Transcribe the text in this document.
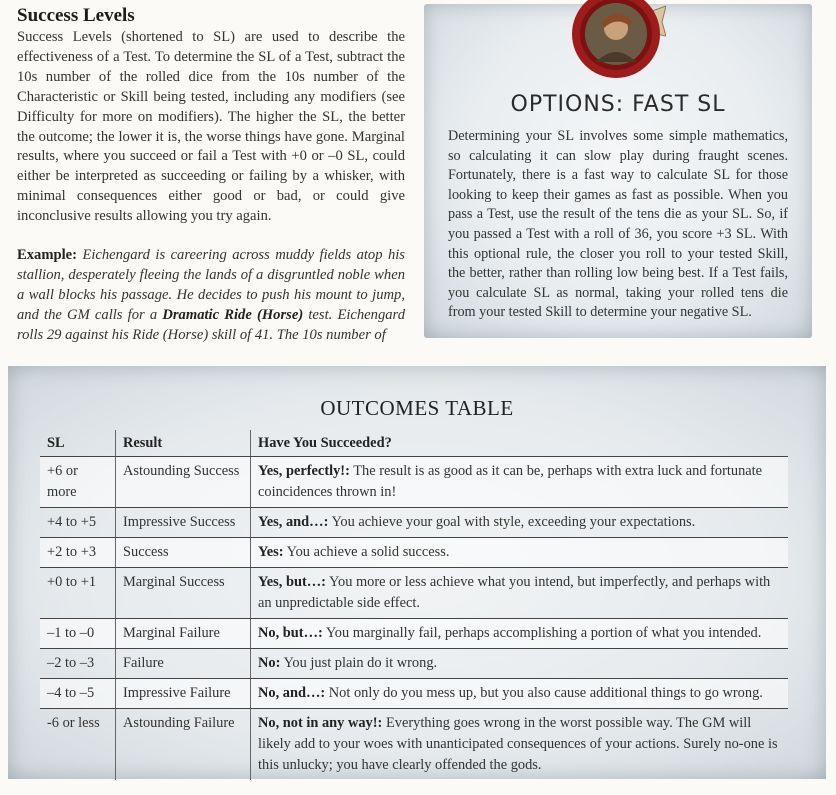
Success Levels

Success Levels (shortened to SL) are used to describe the effectiveness of a Test. To determine the SL of a Test, subtract the 10s number of the rolled dice from the 10s number of the Characteristic or Skill being tested, including any modifiers (see Difficulty for more on modifiers). The higher the SL, the better the outcome; the lower it is, the worse things have gone. Marginal results, where you succeed or fail a Test with +0 or –0 SL, could either be interpreted as succeeding or failing by a whisker, with minimal consequences either good or bad, or could give inconclusive results allowing you try again.

Example: Eichengard is careering across muddy fields atop his stallion, desperately fleeing the lands of a disgruntled noble when a wall blocks his passage. He decides to push his mount to jump, and the GM calls for a Dramatic Ride (Horse) test. Eichengard rolls 29 against his Ride (Horse) skill of 41. The 10s number of

OPTIONS: FAST SL

Determining your SL involves some simple mathematics, so calculating it can slow play during fraught scenes. Fortunately, there is a fast way to calculate SL for those looking to keep their games as fast as possible. When you pass a Test, use the result of the tens die as your SL. So, if you passed a Test with a roll of 36, you score +3 SL. With this optional rule, the closer you roll to your tested Skill, the better, rather than rolling low being best. If a Test fails, you calculate SL as normal, taking your rolled tens die from your tested Skill to determine your negative SL.

OUTCOMES TABLE
SL	Result	Have You Succeeded?
+6 or more	Astounding Success	Yes, perfectly!: The result is as good as it can be, perhaps with extra luck and fortunate coincidences thrown in!
+4 to +5	Impressive Success	Yes, and…: You achieve your goal with style, exceeding your expectations.
+2 to +3	Success	Yes: You achieve a solid success.
+0 to +1	Marginal Success	Yes, but…: You more or less achieve what you intend, but imperfectly, and perhaps with an unpredictable side effect.
–1 to –0	Marginal Failure	No, but…: You marginally fail, perhaps accomplishing a portion of what you intended.
–2 to –3	Failure	No: You just plain do it wrong.
–4 to –5	Impressive Failure	No, and…: Not only do you mess up, but you also cause additional things to go wrong.
-6 or less	Astounding Failure	No, not in any way!: Everything goes wrong in the worst possible way. The GM will likely add to your woes with unanticipated consequences of your actions. Surely no-one is this unlucky; you have clearly offended the gods.
